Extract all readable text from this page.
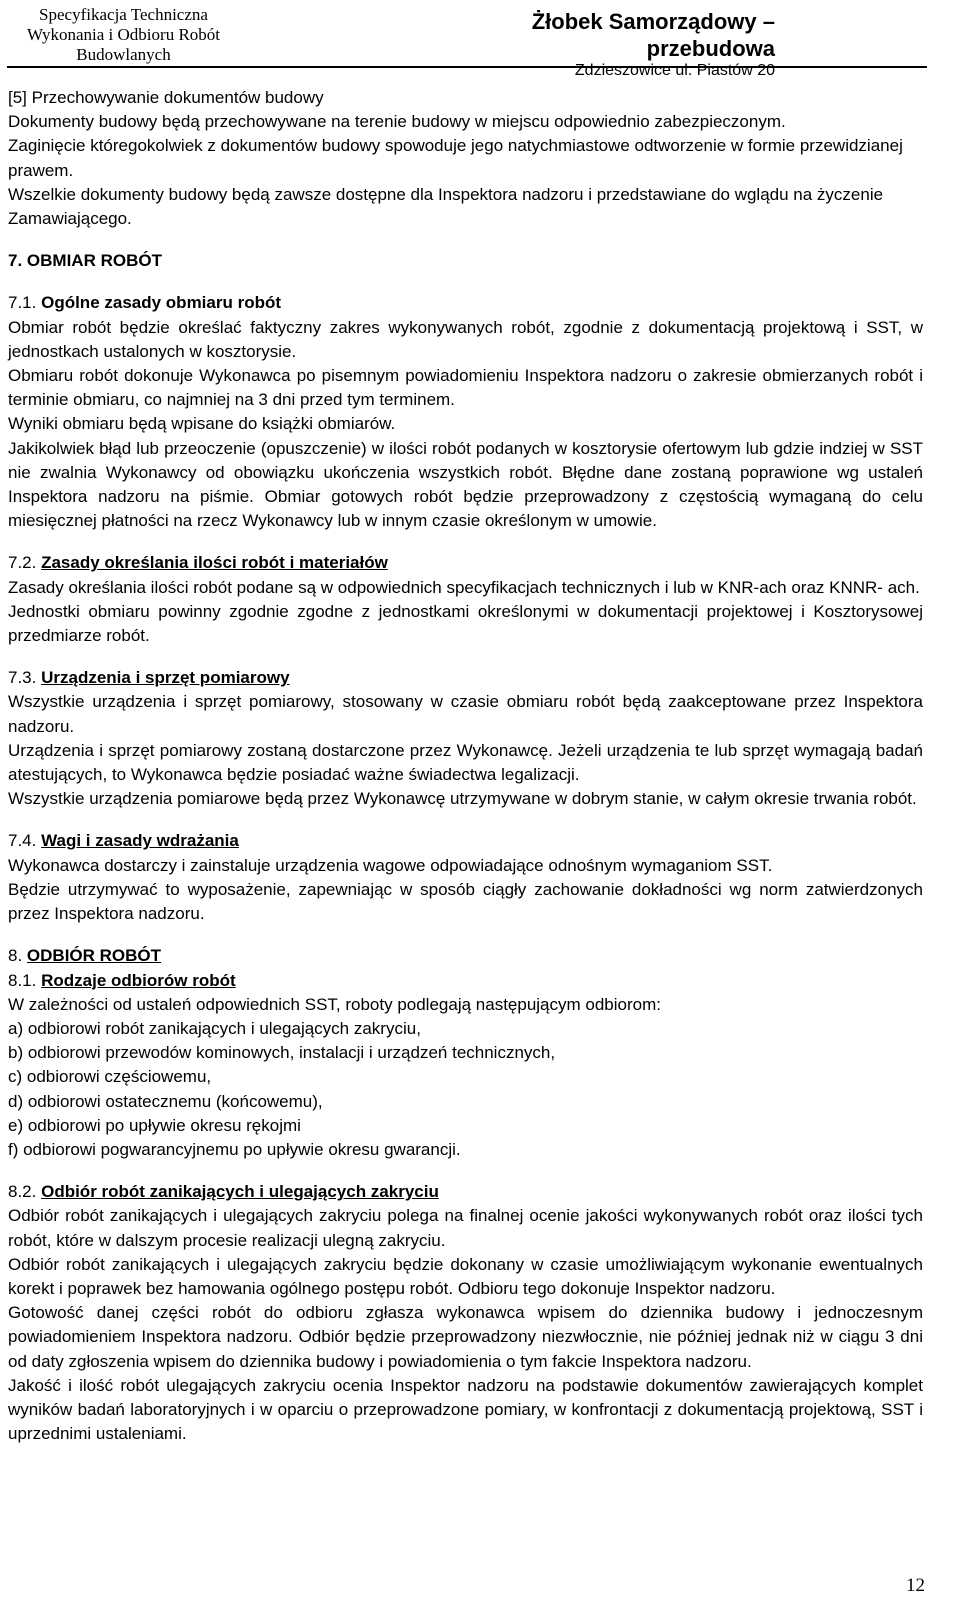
Specyfikacja Techniczna
Wykonania i Odbioru Robót
Budowlanych
Żłobek Samorządowy – przebudowa
Zdzieszowice ul. Piastów 20

[5] Przechowywanie dokumentów budowy

Dokumenty budowy będą przechowywane na terenie budowy w miejscu odpowiednio zabezpieczonym.

Zaginięcie któregokolwiek z dokumentów budowy spowoduje jego natychmiastowe odtworzenie w formie przewidzianej prawem.

Wszelkie dokumenty budowy będą zawsze dostępne dla Inspektora nadzoru i przedstawiane do wglądu na życzenie Zamawiającego.

7. OBMIAR ROBÓT

7.1. Ogólne zasady obmiaru robót

Obmiar robót będzie określać faktyczny zakres wykonywanych robót, zgodnie z dokumentacją projektową i SST, w jednostkach ustalonych w kosztorysie.

Obmiaru robót dokonuje Wykonawca po pisemnym powiadomieniu Inspektora nadzoru o zakresie obmierzanych robót i terminie obmiaru, co najmniej na 3 dni przed tym terminem.

Wyniki obmiaru będą wpisane do książki obmiarów.

Jakikolwiek błąd lub przeoczenie (opuszczenie) w ilości robót podanych w kosztorysie ofertowym lub gdzie indziej w SST nie zwalnia Wykonawcy od obowiązku ukończenia wszystkich robót. Błędne dane zostaną poprawione wg ustaleń Inspektora nadzoru na piśmie. Obmiar gotowych robót będzie przeprowadzony z częstością wymaganą do celu miesięcznej płatności na rzecz Wykonawcy lub w innym czasie określonym w umowie.

7.2. Zasady określania ilości robót i materiałów

Zasady określania ilości robót podane są w odpowiednich specyfikacjach technicznych i lub w KNR-ach oraz KNNR- ach.

Jednostki obmiaru powinny zgodnie zgodne z jednostkami określonymi w dokumentacji projektowej i Kosztorysowej przedmiarze robót.

7.3. Urządzenia i sprzęt pomiarowy

Wszystkie urządzenia i sprzęt pomiarowy, stosowany w czasie obmiaru robót będą zaakceptowane przez Inspektora nadzoru.

Urządzenia i sprzęt pomiarowy zostaną dostarczone przez Wykonawcę. Jeżeli urządzenia te lub sprzęt wymagają badań atestujących, to Wykonawca będzie posiadać ważne świadectwa legalizacji.

Wszystkie urządzenia pomiarowe będą przez Wykonawcę utrzymywane w dobrym stanie, w całym okresie trwania robót.

7.4. Wagi i zasady wdrażania

Wykonawca dostarczy i zainstaluje urządzenia wagowe odpowiadające odnośnym wymaganiom SST.

Będzie utrzymywać to wyposażenie, zapewniając w sposób ciągły zachowanie dokładności wg norm zatwierdzonych przez Inspektora nadzoru.

8. ODBIÓR ROBÓT

8.1. Rodzaje odbiorów robót

W zależności od ustaleń odpowiednich SST, roboty podlegają następującym odbiorom:

a) odbiorowi robót zanikających i ulegających zakryciu,

b) odbiorowi przewodów kominowych, instalacji i urządzeń technicznych,

c) odbiorowi częściowemu,

d) odbiorowi ostatecznemu (końcowemu),

e) odbiorowi po upływie okresu rękojmi

f) odbiorowi pogwarancyjnemu po upływie okresu gwarancji.

8.2. Odbiór robót zanikających i ulegających zakryciu

Odbiór robót zanikających i ulegających zakryciu polega na finalnej ocenie jakości wykonywanych robót oraz ilości tych robót, które w dalszym procesie realizacji ulegną zakryciu.

Odbiór robót zanikających i ulegających zakryciu będzie dokonany w czasie umożliwiającym wykonanie ewentualnych korekt i poprawek bez hamowania ogólnego postępu robót. Odbioru tego dokonuje Inspektor nadzoru.

Gotowość danej części robót do odbioru zgłasza wykonawca wpisem do dziennika budowy i jednoczesnym powiadomieniem Inspektora nadzoru. Odbiór będzie przeprowadzony niezwłocznie, nie później jednak niż w ciągu 3 dni od daty zgłoszenia wpisem do dziennika budowy i powiadomienia o tym fakcie Inspektora nadzoru.

Jakość i ilość robót ulegających zakryciu ocenia Inspektor nadzoru na podstawie dokumentów zawierających komplet wyników badań laboratoryjnych i w oparciu o przeprowadzone pomiary, w konfrontacji z dokumentacją projektową, SST i uprzednimi ustaleniami.

12
